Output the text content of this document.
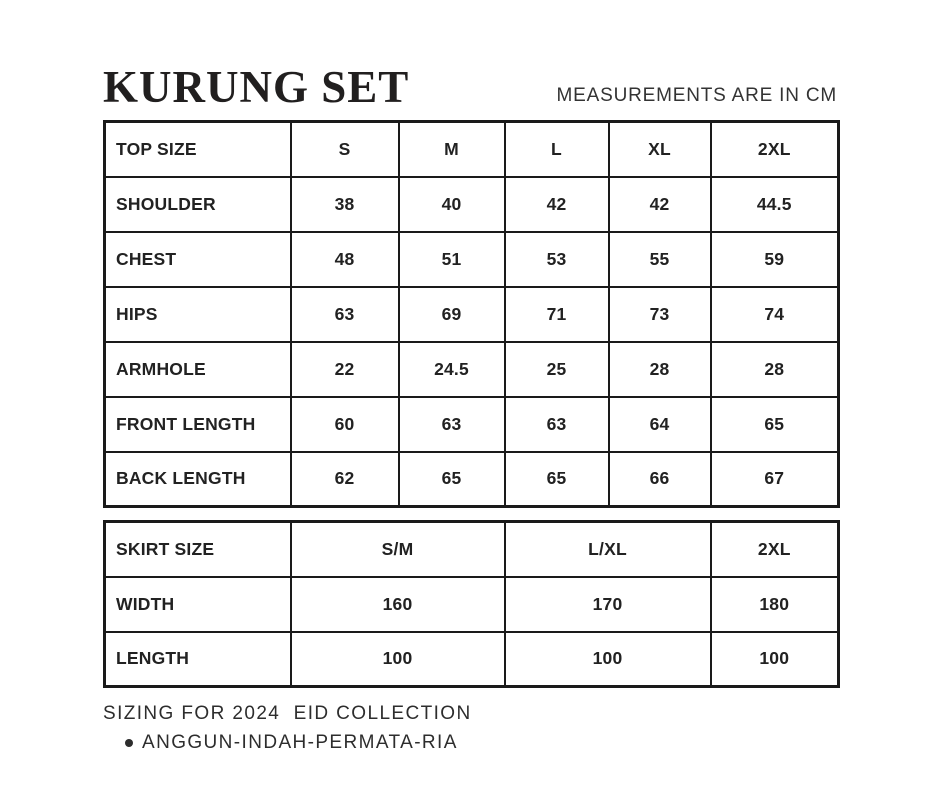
KURUNG SET	MEASUREMENTS ARE IN CM
TOP SIZE	S	M	L	XL	2XL
SHOULDER	38	40	42	42	44.5
CHEST	48	51	53	55	59
HIPS	63	69	71	73	74
ARMHOLE	22	24.5	25	28	28
FRONT LENGTH	60	63	63	64	65
BACK LENGTH	62	65	65	66	67
SKIRT SIZE	S/M	L/XL	2XL
WIDTH	160	170	180
LENGTH	100	100	100
SIZING FOR 2024  EID COLLECTION
ANGGUN-INDAH-PERMATA-RIA
